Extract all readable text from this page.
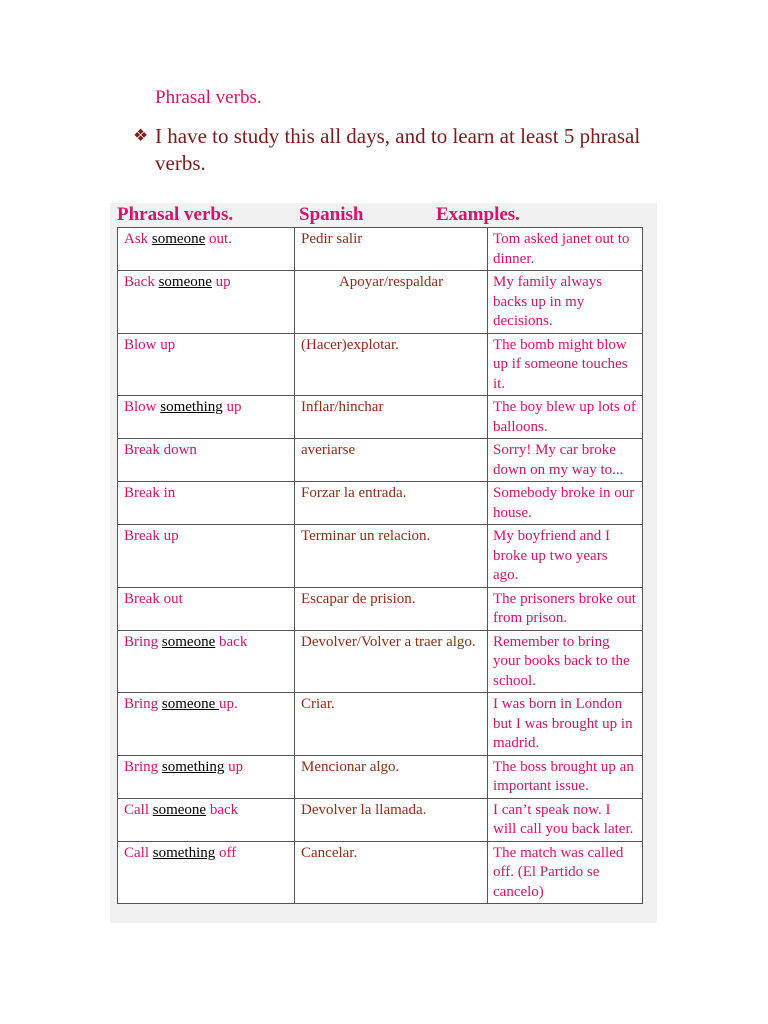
Phrasal verbs.
❖ I have to study this all days, and to learn at least 5 phrasal verbs.
Phrasal verbs.	Spanish	Examples.
Ask someone out.	Pedir salir	Tom asked janet out to dinner.
Back someone up	Apoyar/respaldar	My family always backs up in my decisions.
Blow up	(Hacer)explotar.	The bomb might blow up if someone touches it.
Blow something up	Inflar/hinchar	The boy blew up lots of balloons.
Break down	averiarse	Sorry! My car broke down on my way to...
Break in	Forzar la entrada.	Somebody broke in our house.
Break up	Terminar un relacion.	My boyfriend and I broke up two years ago.
Break out	Escapar de prision.	The prisoners broke out from prison.
Bring someone back	Devolver/Volver a traer algo.	Remember to bring your books back to the school.
Bring someone up.	Criar.	I was born in London but I was brought up in madrid.
Bring something up	Mencionar algo.	The boss brought up an important issue.
Call someone back	Devolver la llamada.	I can’t speak now. I will call you back later.
Call something off	Cancelar.	The match was called off. (El Partido se cancelo)
